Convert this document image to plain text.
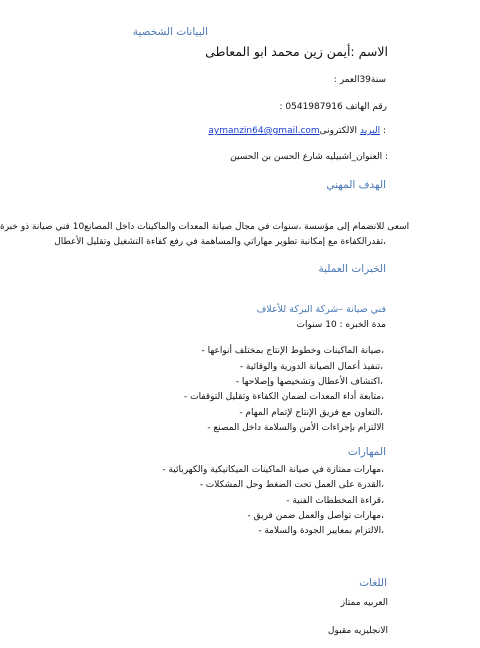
البيانات الشخصية
الاسم :أيمن زين محمد ابو المعاطى
سنة39العمر :
رقم الهاتف 0541987916 :
: البريد الالكترونىaymanzin64@gmail.com
: العنوان_اشبيليه شارع الحسن بن الحسين
الهدف المهني
اسعى للانضمام إلى مؤسسة ،سنوات في مجال صيانة المعدات والماكينات داخل المصانع10 فني صيانة ذو خبرة
،تقدرالكفاءة مع إمكانية تطوير مهاراتي والمساهمة في رفع كفاءة التشغيل وتقليل الأعطال
الخبرات العملية
فني صيانة –شركة البركة للأعلاف
مدة الخبره : 10 سنوات
،صيانة الماكينات وخطوط الإنتاج بمختلف أنواعها -
،تنفيذ أعمال الصيانة الدورية والوقائية -
،اكتشاف الأعطال وتشخيصها وإصلاحها -
،متابعة أداء المعدات لضمان الكفاءة وتقليل التوقفات -
،التعاون مع فريق الإنتاج لإتمام المهام -
الالتزام بإجراءات الأمن والسلامة داخل المصنع -
المهارات
،مهارات ممتازة في صيانة الماكينات الميكانيكية والكهربائية -
،القدرة على العمل تحت الضغط وحل المشكلات -
،قراءة المخططات الفنية -
،مهارات تواصل والعمل ضمن فريق -
،الالتزام بمعايير الجودة والسلامة -
اللغات
العربيه ممتاز
الانجليزيه مقبول
